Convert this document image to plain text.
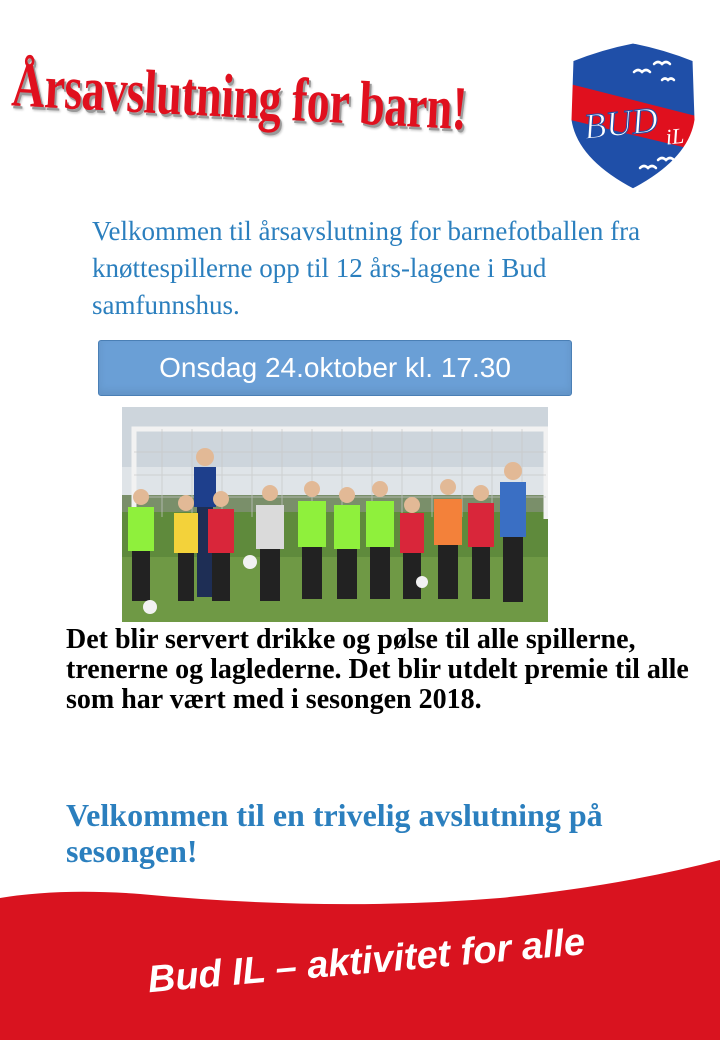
Årsavslutning for barn!	BUD iL

Velkommen til årsavslutning for barnefotballen fra knøttespillerne opp til 12 års-lagene i Bud samfunnshus.

Onsdag 24.oktober kl. 17.30

Det blir servert drikke og pølse til alle spillerne, trenerne og laglederne. Det blir utdelt premie til alle som har vært med i sesongen 2018.

Velkommen til en trivelig avslutning på sesongen!

Bud IL – aktivitet for alle
